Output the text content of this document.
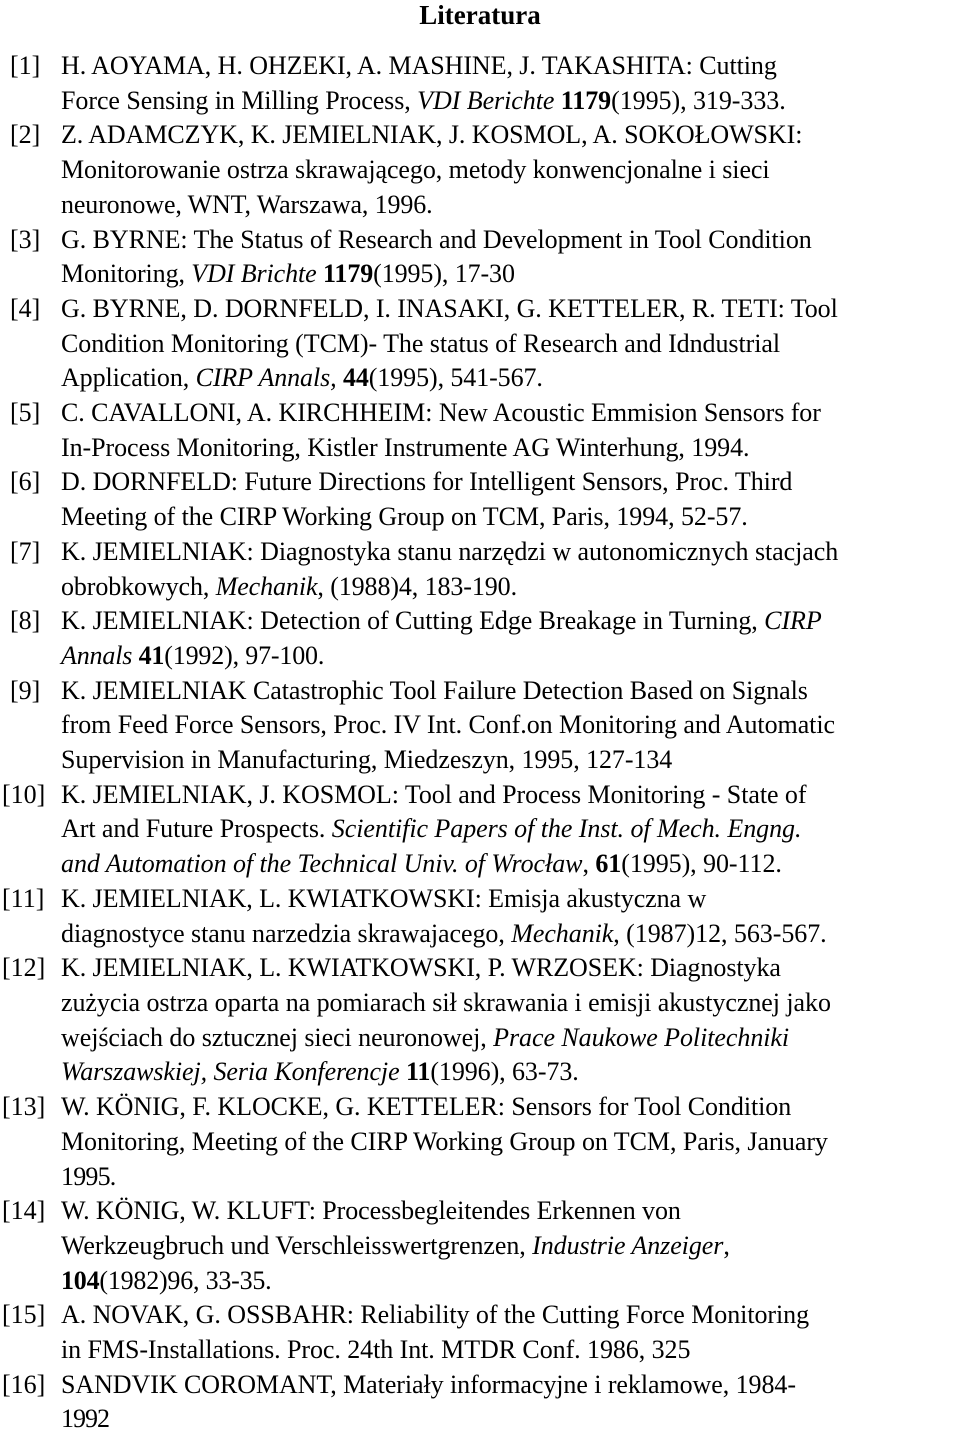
Literatura
[1] H. AOYAMA, H. OHZEKI, A. MASHINE, J. TAKASHITA: Cutting
Force Sensing in Milling Process, VDI Berichte 1179(1995), 319-333.
[2] Z. ADAMCZYK, K. JEMIELNIAK, J. KOSMOL, A. SOKOŁOWSKI:
Monitorowanie ostrza skrawającego, metody konwencjonalne i sieci
neuronowe, WNT, Warszawa, 1996.
[3] G. BYRNE: The Status of Research and Development in Tool Condition
Monitoring, VDI Brichte 1179(1995), 17-30
[4] G. BYRNE, D. DORNFELD, I. INASAKI, G. KETTELER, R. TETI: Tool
Condition Monitoring (TCM)- The status of Research and Idndustrial
Application, CIRP Annals, 44(1995), 541-567.
[5] C. CAVALLONI, A. KIRCHHEIM: New Acoustic Emmision Sensors for
In-Process Monitoring, Kistler Instrumente AG Winterhung, 1994.
[6] D. DORNFELD: Future Directions for Intelligent Sensors, Proc. Third
Meeting of the CIRP Working Group on TCM, Paris, 1994, 52-57.
[7] K. JEMIELNIAK: Diagnostyka stanu narzędzi w autonomicznych stacjach
obrobkowych, Mechanik, (1988)4, 183-190.
[8] K. JEMIELNIAK: Detection of Cutting Edge Breakage in Turning, CIRP
Annals 41(1992), 97-100.
[9] K. JEMIELNIAK Catastrophic Tool Failure Detection Based on Signals
from Feed Force Sensors, Proc. IV Int. Conf.on Monitoring and Automatic
Supervision in Manufacturing, Miedzeszyn, 1995, 127-134
[10] K. JEMIELNIAK, J. KOSMOL: Tool and Process Monitoring - State of
Art and Future Prospects. Scientific Papers of the Inst. of Mech. Engng.
and Automation of the Technical Univ. of Wrocław, 61(1995), 90-112.
[11] K. JEMIELNIAK, L. KWIATKOWSKI: Emisja akustyczna w
diagnostyce stanu narzedzia skrawajacego, Mechanik, (1987)12, 563-567.
[12] K. JEMIELNIAK, L. KWIATKOWSKI, P. WRZOSEK: Diagnostyka
zużycia ostrza oparta na pomiarach sił skrawania i emisji akustycznej jako
wejściach do sztucznej sieci neuronowej, Prace Naukowe Politechniki
Warszawskiej, Seria Konferencje 11(1996), 63-73.
[13] W. KÖNIG, F. KLOCKE, G. KETTELER: Sensors for Tool Condition
Monitoring, Meeting of the CIRP Working Group on TCM, Paris, January
1995.
[14] W. KÖNIG, W. KLUFT: Processbegleitendes Erkennen von
Werkzeugbruch und Verschleisswertgrenzen, Industrie Anzeiger,
104(1982)96, 33-35.
[15] A. NOVAK, G. OSSBAHR: Reliability of the Cutting Force Monitoring
in FMS-Installations. Proc. 24th Int. MTDR Conf. 1986, 325
[16] SANDVIK COROMANT, Materiały informacyjne i reklamowe, 1984-
1992
